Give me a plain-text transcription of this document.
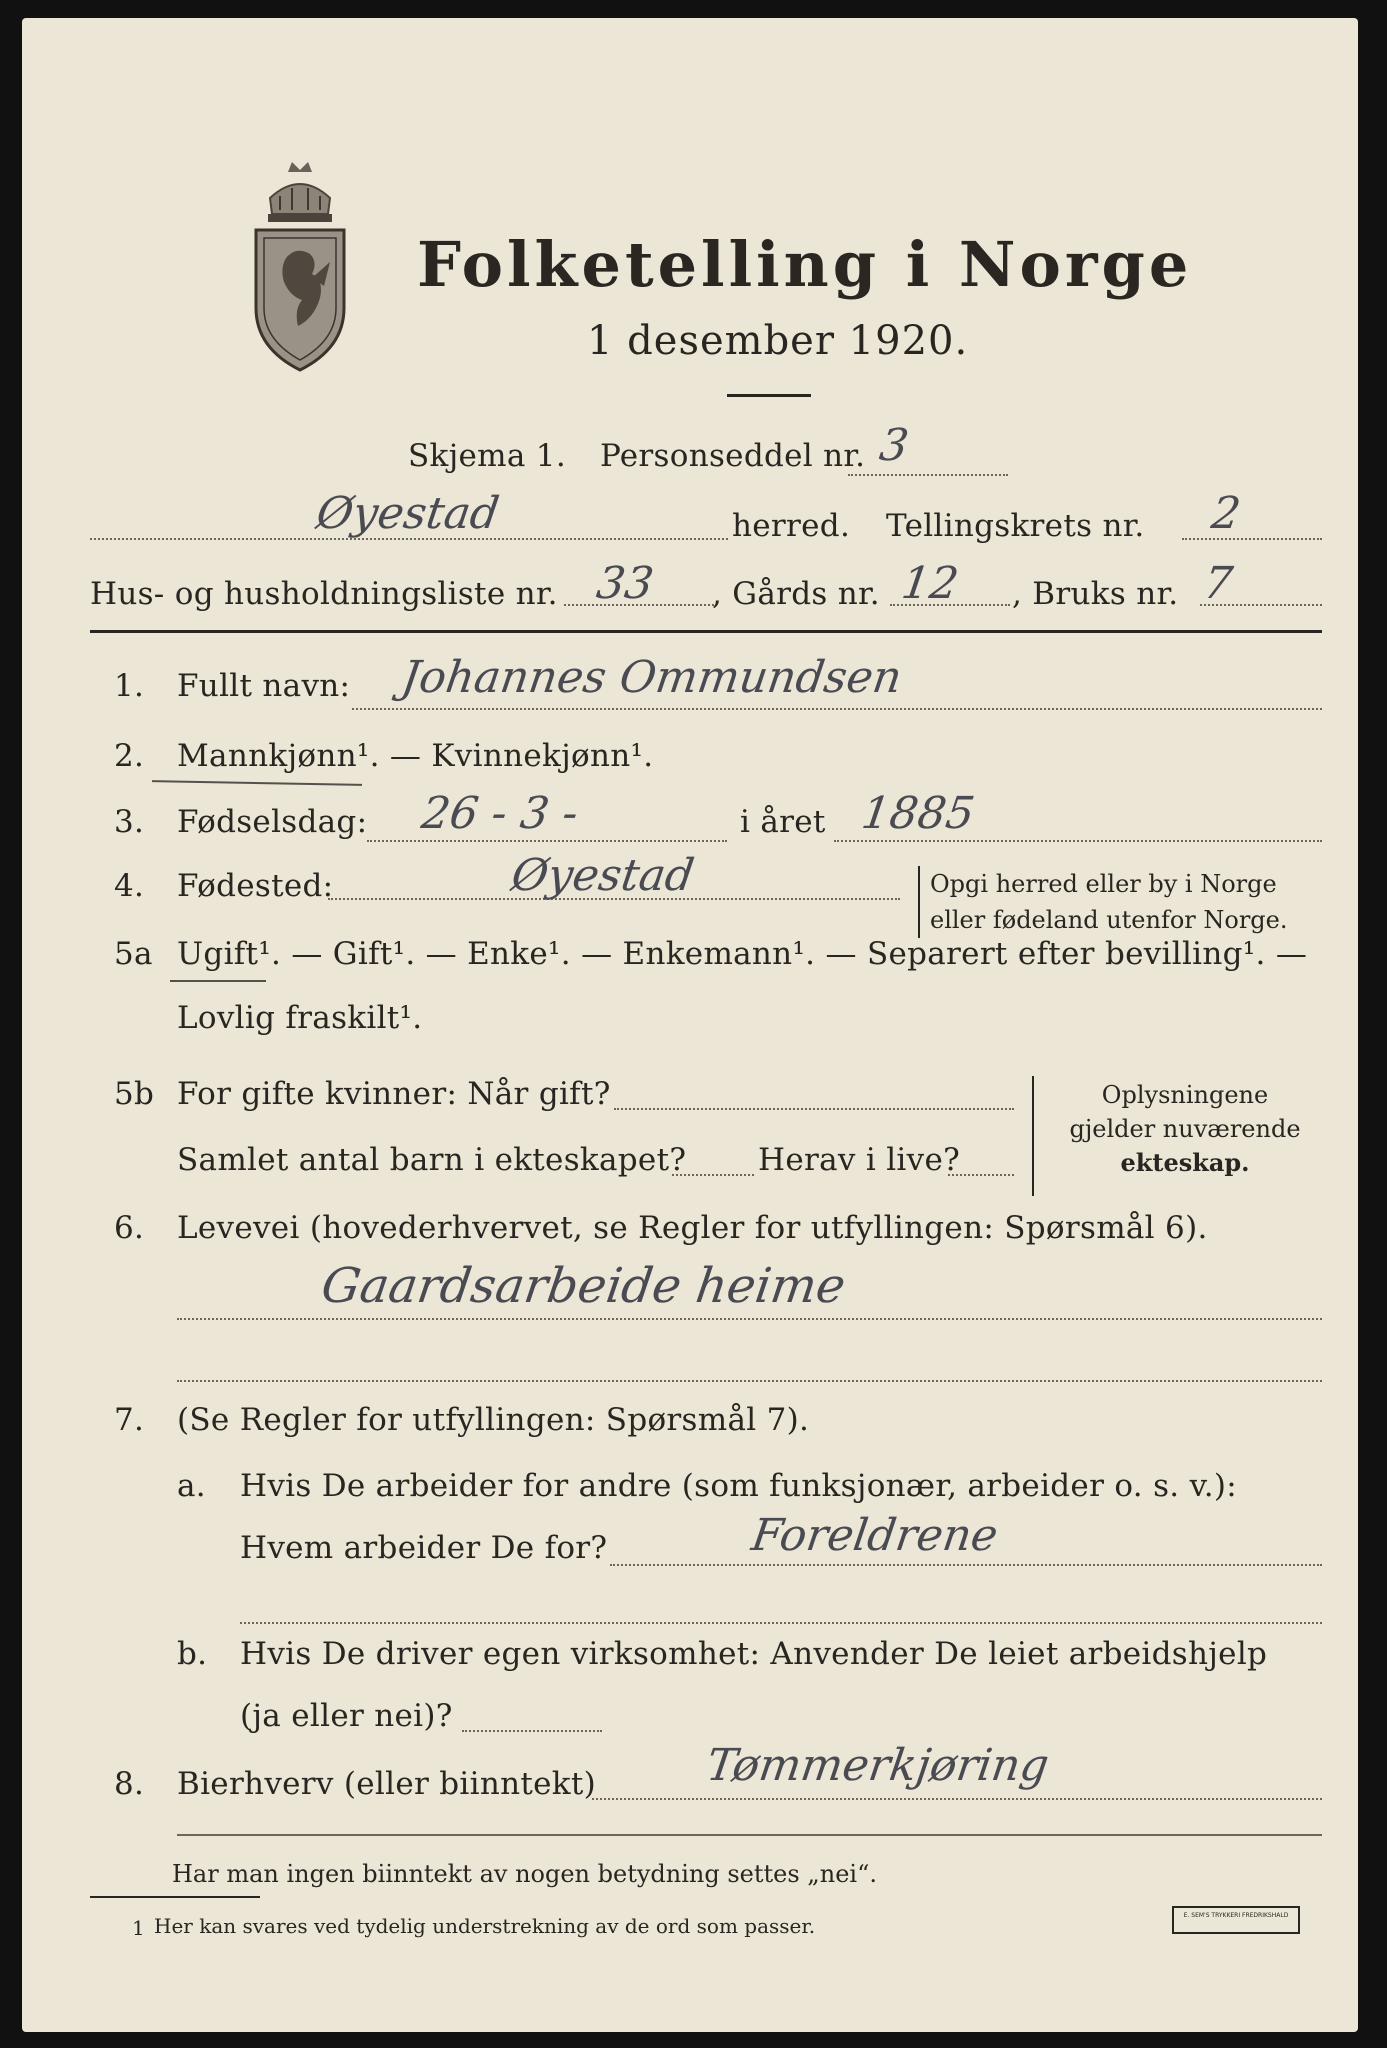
Folketelling i Norge
1 desember 1920.
Skjema 1. Personseddel nr. 3
Øyestad	herred. Tellingskrets nr. 2
Hus- og husholdningsliste nr. 33 , Gårds nr. 12 , Bruks nr. 7
1. Fullt navn: Johannes Ommundsen
2. Mannkjønn¹. — Kvinnekjønn¹.
3. Fødselsdag: 26 - 3 -	i året 1885
4. Fødested:	Øyestad	Opgi herred eller by i Norge
eller fødeland utenfor Norge.
5a Ugift¹. — Gift¹. — Enke¹. — Enkemann¹. — Separert efter bevilling¹. —
Lovlig fraskilt¹.
5b For gifte kvinner: Når gift?
Samlet antal barn i ekteskapet? Herav i live?
Oplysningene
gjelder nuværende
ekteskap.
6. Levevei (hovederhvervet, se Regler for utfyllingen: Spørsmål 6).
Gaardsarbeide heime
7. (Se Regler for utfyllingen: Spørsmål 7).
a. Hvis De arbeider for andre (som funksjonær, arbeider o. s. v.):
Hvem arbeider De for?	Foreldrene
b. Hvis De driver egen virksomhet: Anvender De leiet arbeidshjelp
(ja eller nei)?
8. Bierhverv (eller biinntekt) Tømmerkjøring
Har man ingen biinntekt av nogen betydning settes „nei“.
1 Her kan svares ved tydelig understrekning av de ord som passer.	E. SEM'S TRYKKERI FREDRIKSHALD
